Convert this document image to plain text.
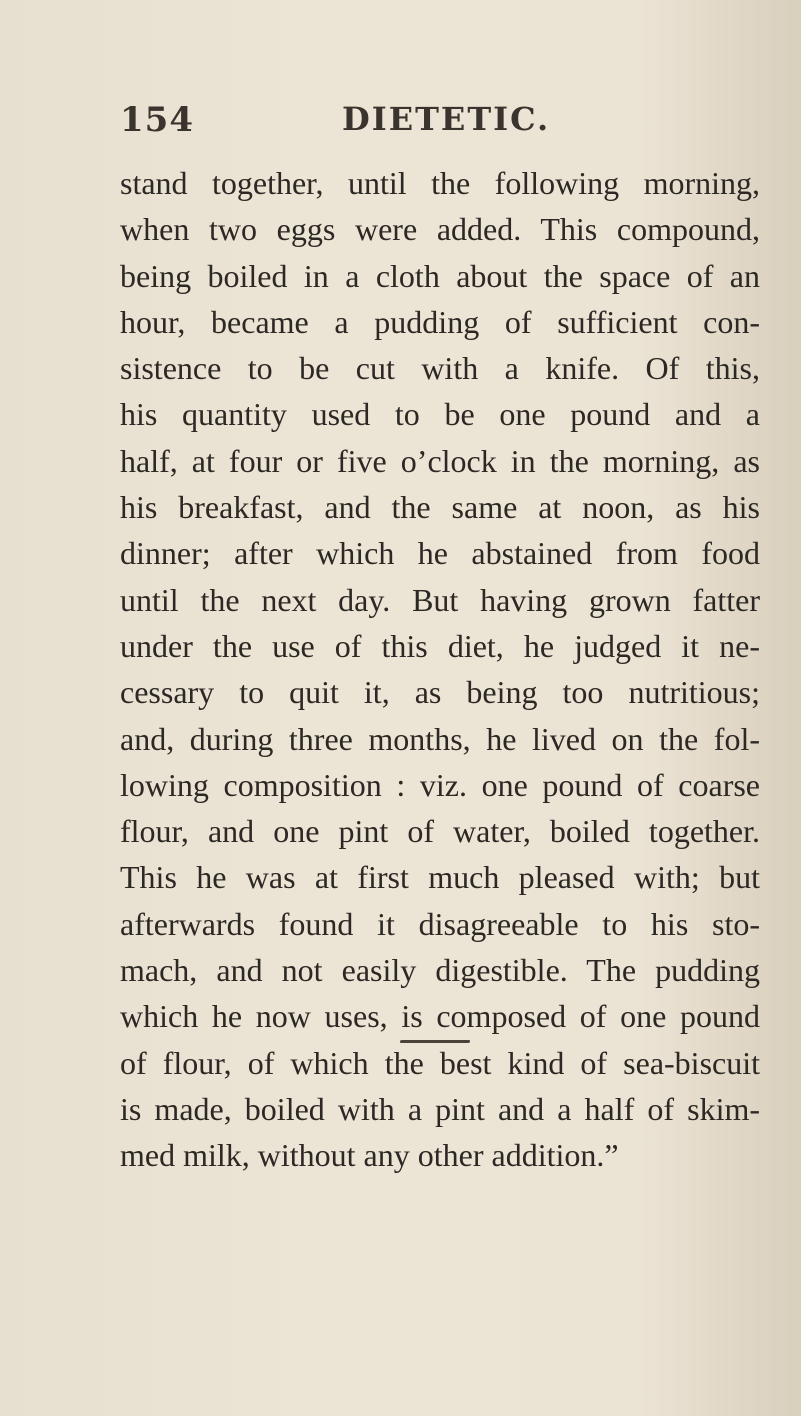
154	DIETETIC.
stand together, until the following morning,
when two eggs were added. This compound,
being boiled in a cloth about the space of an
hour, became a pudding of sufficient con-
sistence to be cut with a knife. Of this,
his quantity used to be one pound and a
half, at four or five o’clock in the morning, as
his breakfast, and the same at noon, as his
dinner; after which he abstained from food
until the next day. But having grown fatter
under the use of this diet, he judged it ne-
cessary to quit it, as being too nutritious;
and, during three months, he lived on the fol-
lowing composition : viz. one pound of coarse
flour, and one pint of water, boiled together.
This he was at first much pleased with; but
afterwards found it disagreeable to his sto-
mach, and not easily digestible. The pudding
which he now uses, is composed of one pound
of flour, of which the best kind of sea-biscuit
is made, boiled with a pint and a half of skim-
med milk, without any other addition.”
